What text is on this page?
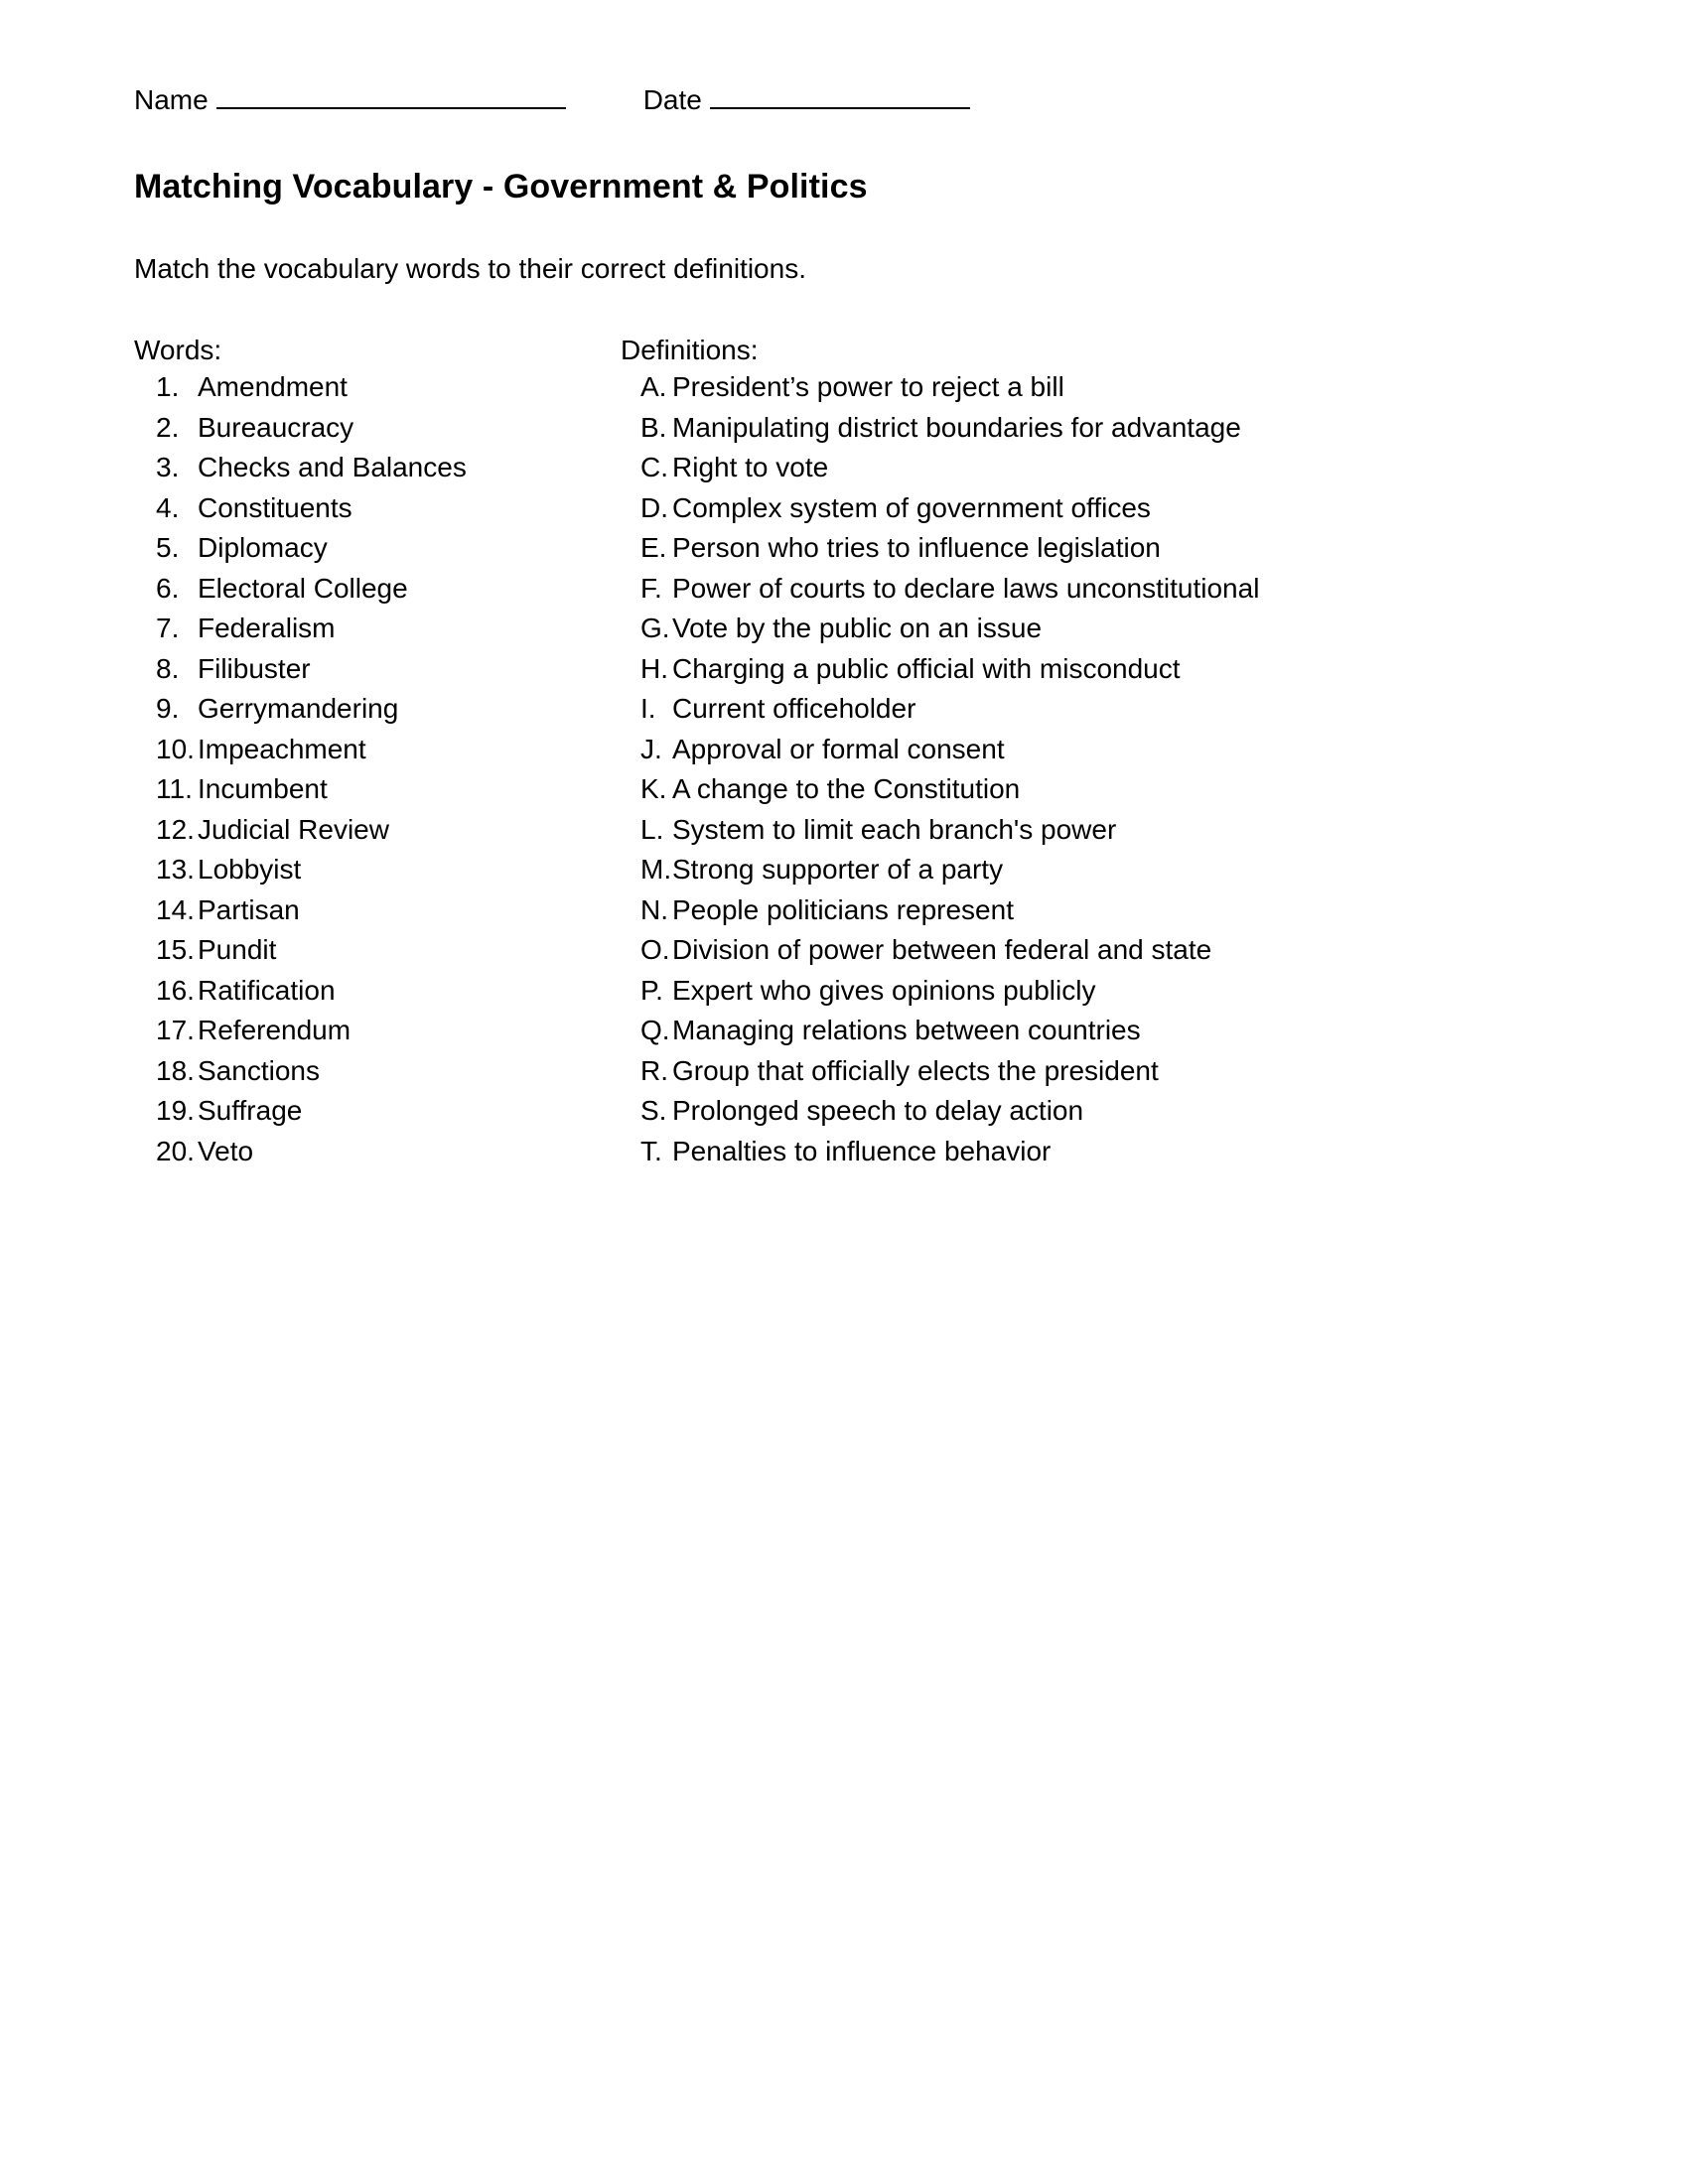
Name	Date
Matching Vocabulary - Government & Politics
Match the vocabulary words to their correct definitions.
Words:
1. Amendment
2. Bureaucracy
3. Checks and Balances
4. Constituents
5. Diplomacy
6. Electoral College
7. Federalism
8. Filibuster
9. Gerrymandering
10. Impeachment
11. Incumbent
12. Judicial Review
13. Lobbyist
14. Partisan
15. Pundit
16. Ratification
17. Referendum
18. Sanctions
19. Suffrage
20. Veto
Definitions:
A. President’s power to reject a bill
B. Manipulating district boundaries for advantage
C. Right to vote
D. Complex system of government offices
E. Person who tries to influence legislation
F. Power of courts to declare laws unconstitutional
G.Vote by the public on an issue
H. Charging a public official with misconduct
I. Current officeholder
J. Approval or formal consent
K. A change to the Constitution
L. System to limit each branch's power
M.Strong supporter of a party
N. People politicians represent
O.Division of power between federal and state
P. Expert who gives opinions publicly
Q.Managing relations between countries
R. Group that officially elects the president
S. Prolonged speech to delay action
T. Penalties to influence behavior
